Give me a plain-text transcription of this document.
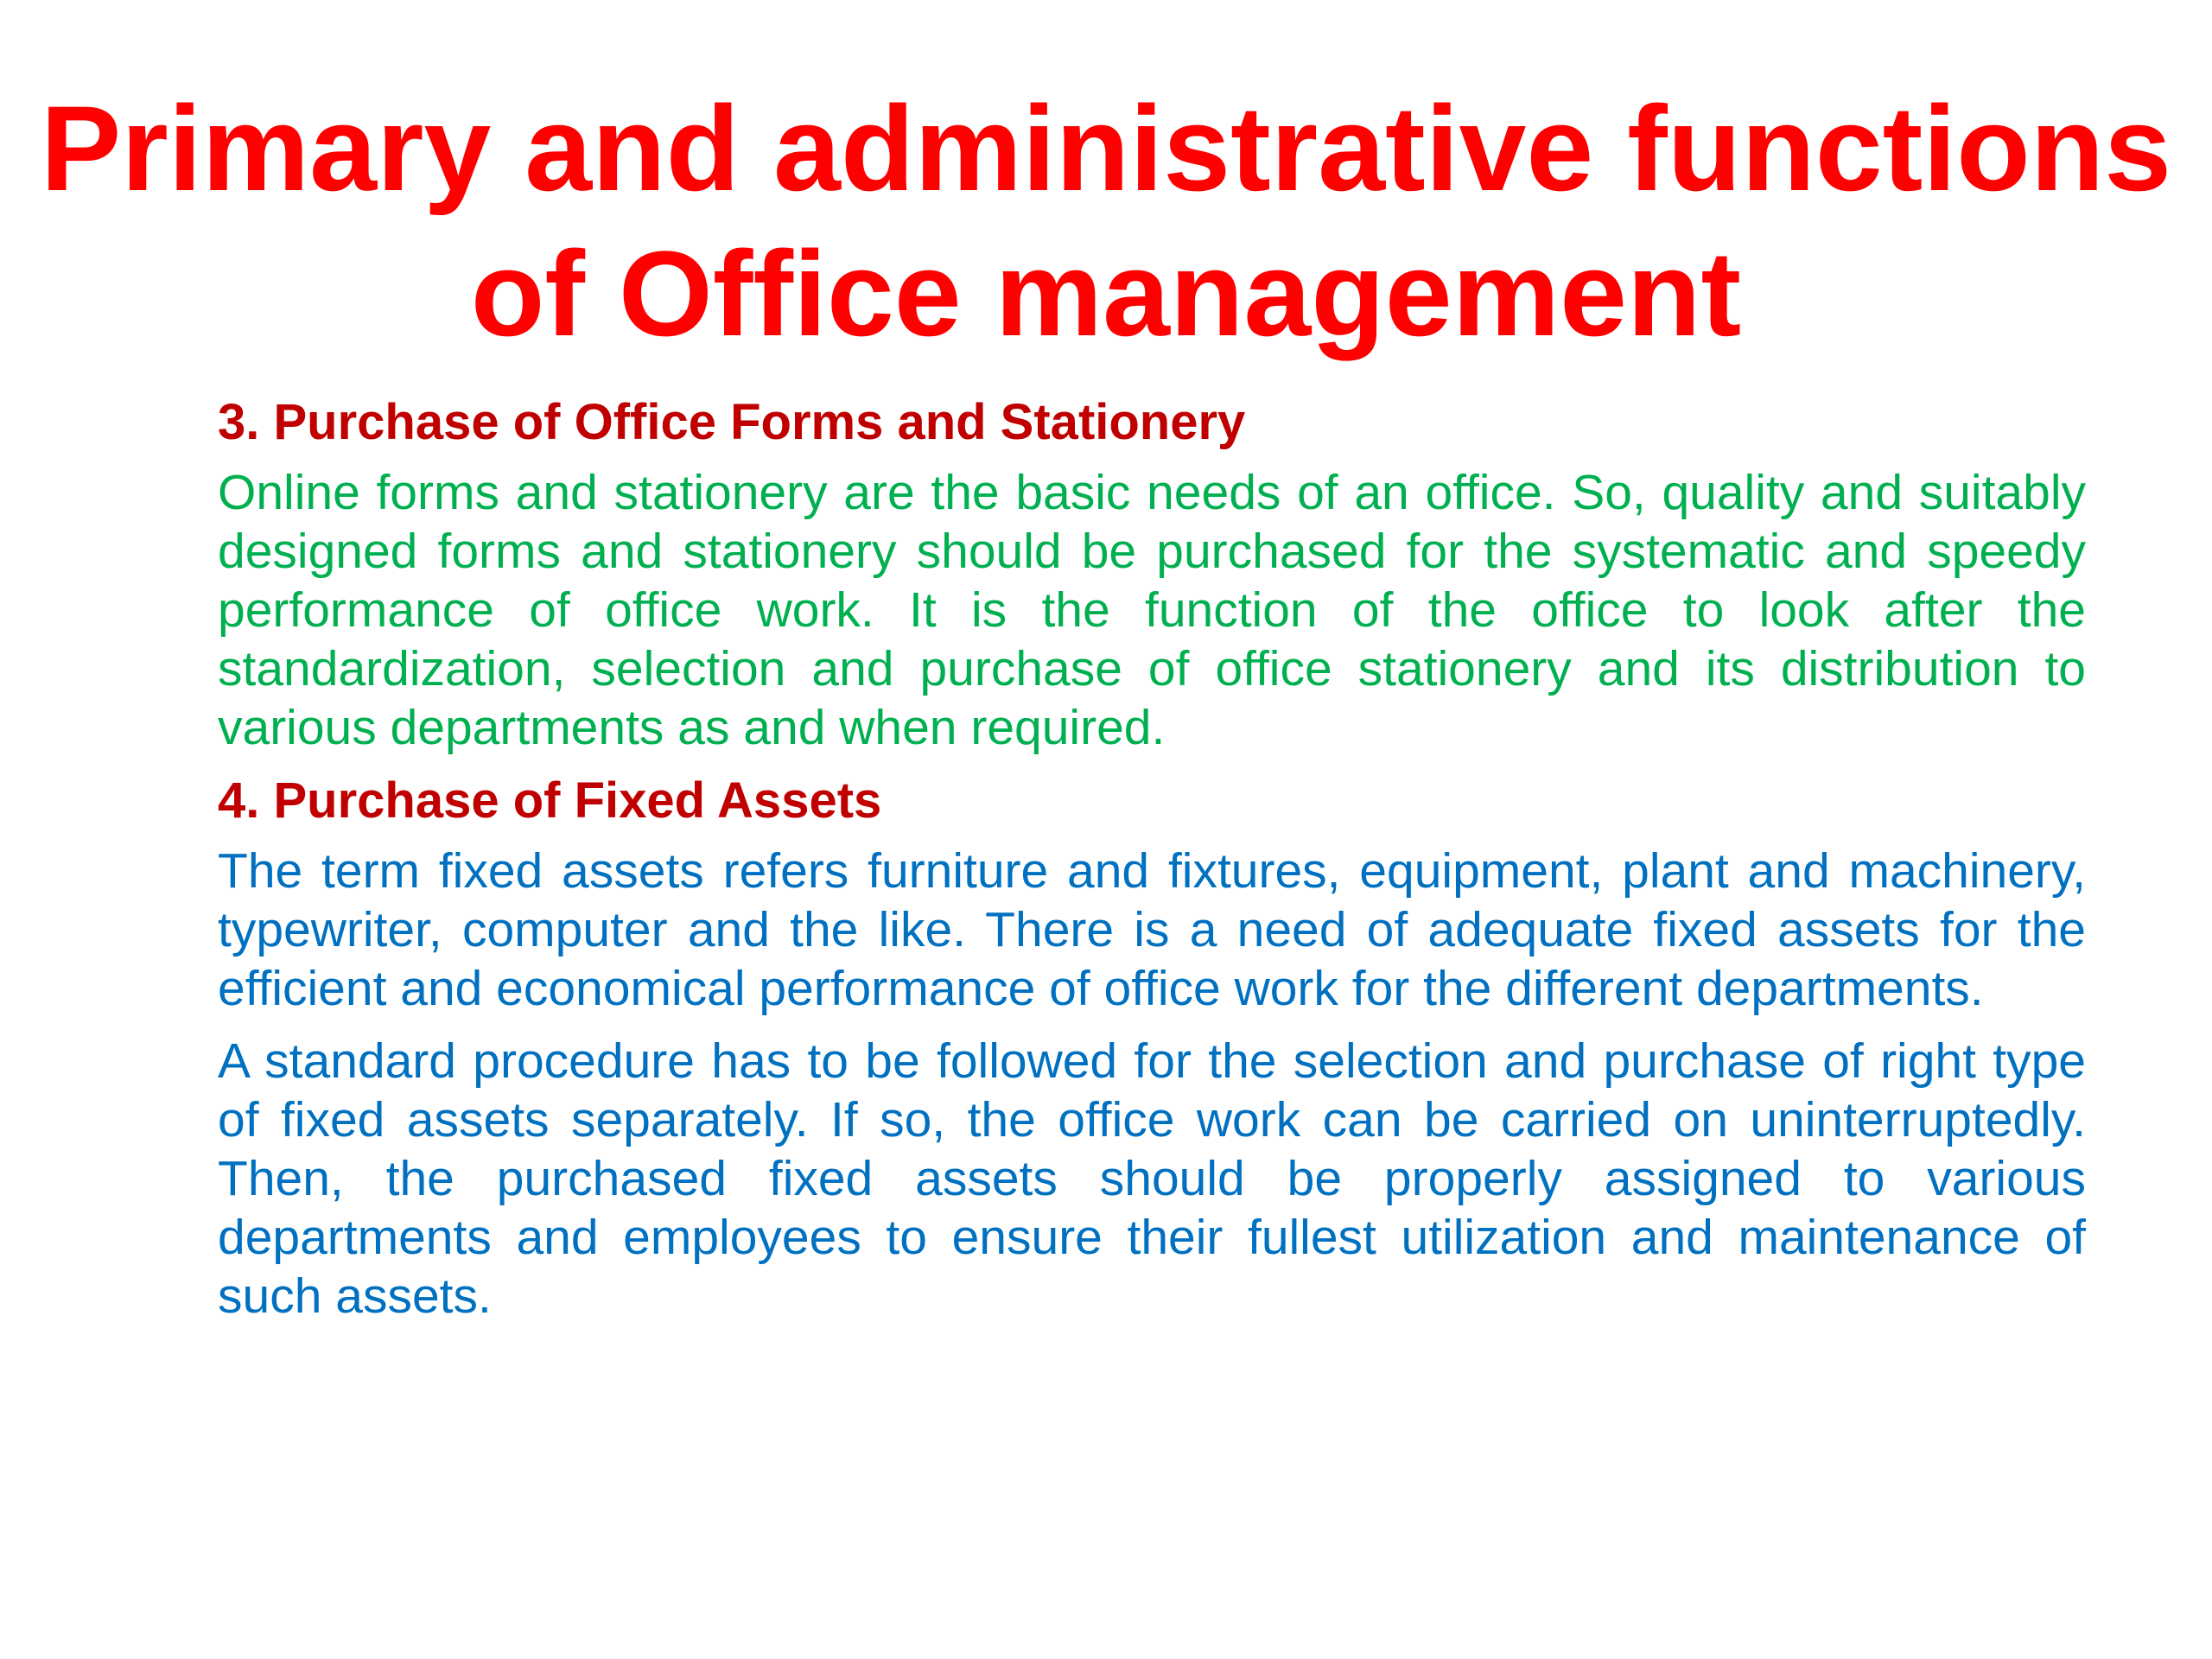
Primary and administrative functions
of Office management

3. Purchase of Office Forms and Stationery

Online forms and stationery are the basic needs of an office. So, quality and suitably designed forms and stationery should be purchased for the systematic and speedy performance of office work. It is the function of the office to look after the standardization, selection and purchase of office stationery and its distribution to various departments as and when required.

4. Purchase of Fixed Assets

The term fixed assets refers furniture and fixtures, equipment, plant and machinery, typewriter, computer and the like. There is a need of adequate fixed assets for the efficient and economical performance of office work for the different departments.

A standard procedure has to be followed for the selection and purchase of right type of fixed assets separately. If so, the office work can be carried on uninterruptedly. Then, the purchased fixed assets should be properly assigned to various departments and employees to ensure their fullest utilization and maintenance of such assets.
